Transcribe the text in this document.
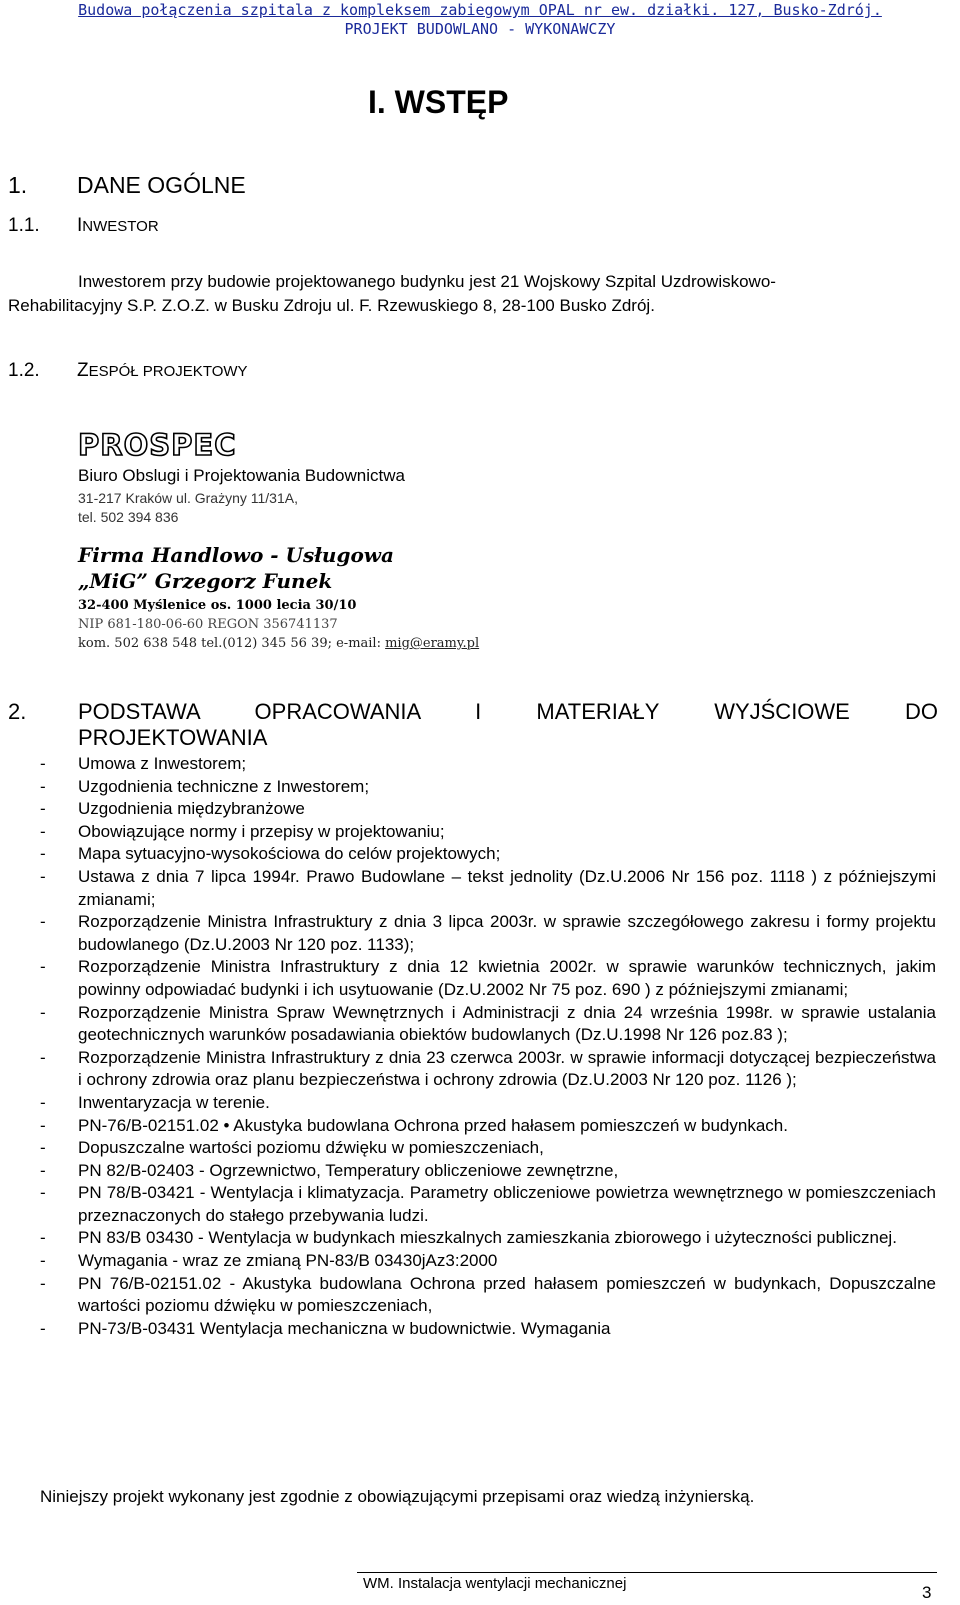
Budowa połączenia szpitala z kompleksem zabiegowym OPAL nr ew. działki. 127, Busko-Zdrój.
PROJEKT BUDOWLANO - WYKONAWCZY
I. WSTĘP
1. DANE OGÓLNE
1.1. INWESTOR
Inwestorem przy budowie projektowanego budynku jest 21 Wojskowy Szpital Uzdrowiskowo-
Rehabilitacyjny S.P. Z.O.Z. w Busku Zdroju ul. F. Rzewuskiego 8, 28-100 Busko Zdrój.
1.2. ZESPÓŁ PROJEKTOWY
PROSPEC
Biuro Obslugi i Projektowania Budownictwa
31-217 Kraków ul. Grażyny 11/31A,
tel. 502 394 836
Firma Handlowo - Usługowa
„MiG” Grzegorz Funek
32-400 Myślenice os. 1000 lecia 30/10
NIP 681-180-06-60 REGON 356741137
kom. 502 638 548 tel.(012) 345 56 39; e-mail: mig@eramy.pl
2. PODSTAWA OPRACOWANIA I MATERIAŁY WYJŚCIOWE DO
PROJEKTOWANIA
- Umowa z Inwestorem;
- Uzgodnienia techniczne z Inwestorem;
- Uzgodnienia międzybranżowe
- Obowiązujące normy i przepisy w projektowaniu;
- Mapa sytuacyjno-wysokościowa do celów projektowych;
- Ustawa z dnia 7 lipca 1994r. Prawo Budowlane – tekst jednolity (Dz.U.2006 Nr 156 poz. 1118 ) z późniejszymi zmianami;
- Rozporządzenie Ministra Infrastruktury z dnia 3 lipca 2003r. w sprawie szczegółowego zakresu i formy projektu budowlanego (Dz.U.2003 Nr 120 poz. 1133);
- Rozporządzenie Ministra Infrastruktury z dnia 12 kwietnia 2002r. w sprawie warunków technicznych, jakim powinny odpowiadać budynki i ich usytuowanie (Dz.U.2002 Nr 75 poz. 690 ) z późniejszymi zmianami;
- Rozporządzenie Ministra Spraw Wewnętrznych i Administracji z dnia 24 września 1998r. w sprawie ustalania geotechnicznych warunków posadawiania obiektów budowlanych (Dz.U.1998 Nr 126 poz.83 );
- Rozporządzenie Ministra Infrastruktury z dnia 23 czerwca 2003r. w sprawie informacji dotyczącej bezpieczeństwa i ochrony zdrowia oraz planu bezpieczeństwa i ochrony zdrowia (Dz.U.2003 Nr 120 poz. 1126 );
- Inwentaryzacja w terenie.
- PN-76/B-02151.02 • Akustyka budowlana Ochrona przed hałasem pomieszczeń w budynkach.
- Dopuszczalne wartości poziomu dźwięku w pomieszczeniach,
- PN 82/B-02403 - Ogrzewnictwo, Temperatury obliczeniowe zewnętrzne,
- PN 78/B-03421 - Wentylacja i klimatyzacja. Parametry obliczeniowe powietrza wewnętrznego w pomieszczeniach przeznaczonych do stałego przebywania ludzi.
- PN 83/B 03430 - Wentylacja w budynkach mieszkalnych zamieszkania zbiorowego i użyteczności publicznej.
- Wymagania - wraz ze zmianą PN-83/B 03430jAz3:2000
- PN 76/B-02151.02 - Akustyka budowlana Ochrona przed hałasem pomieszczeń w budynkach, Dopuszczalne wartości poziomu dźwięku w pomieszczeniach,
- PN-73/B-03431 Wentylacja mechaniczna w budownictwie. Wymagania
Niniejszy projekt wykonany jest zgodnie z obowiązującymi przepisami oraz wiedzą inżynierską.
WM. Instalacja wentylacji mechanicznej	3
